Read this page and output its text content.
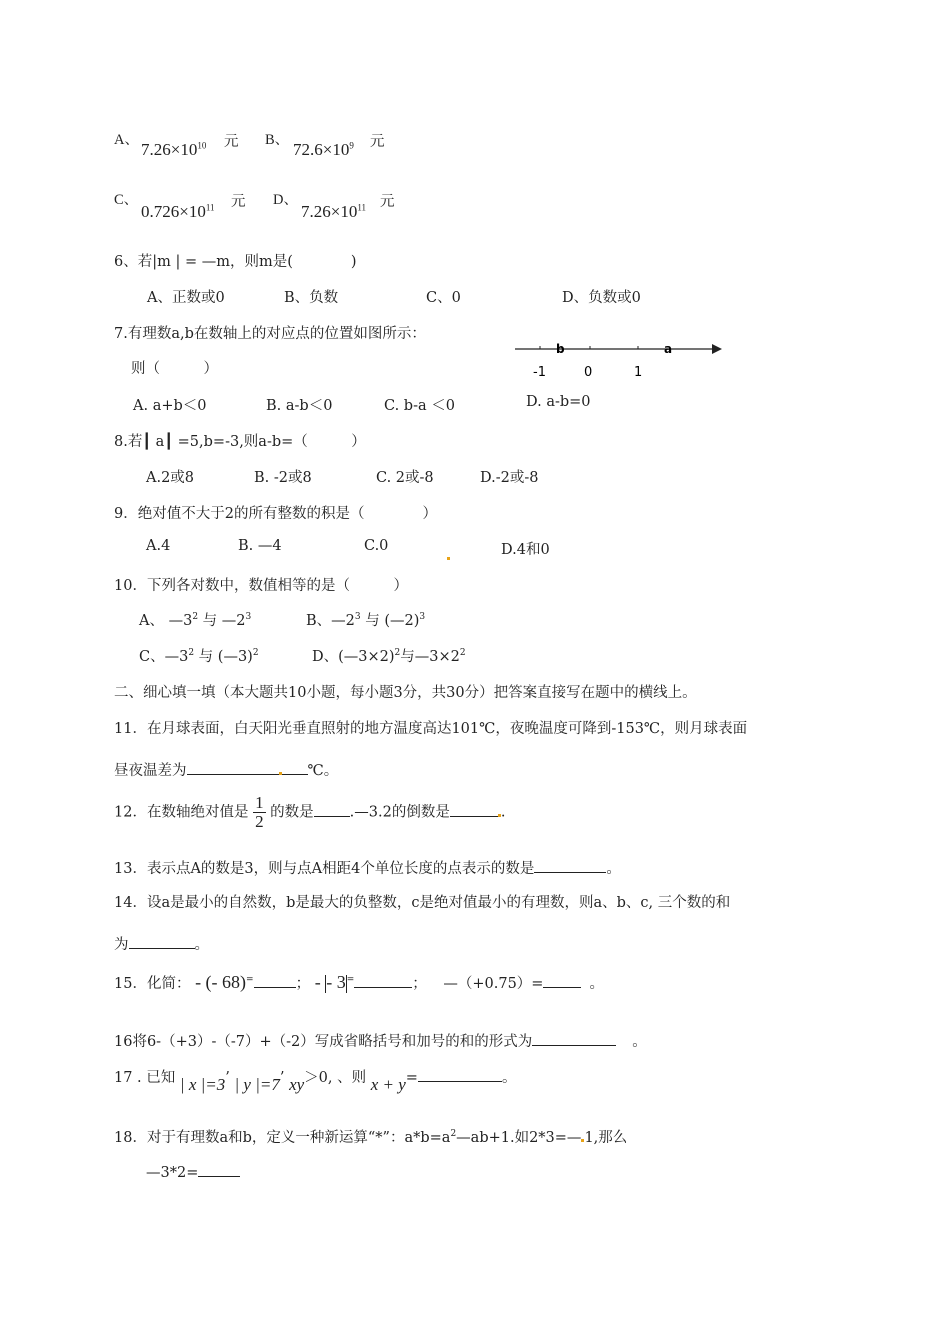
A、 $7.26\times 10^{10}$ 元 B、 $72.6\times 10^9$ 元
C、
$0.726\times 10^{11}$ 元 D、
$7.26\times 10^{11}$ 元
6、若|m | = —m，则m是(　　　　)
A、正数或0	B、负数	C、0	D、负数或0
7.有理数a,b在数轴上的对应点的位置如图所示：
则（　　　）
b	a
-1	0	1
A. a+b＜0	B. a-b＜0	C. b-a ＜0	D. a-b=0
8.若┃ a┃ =5,b=-3,则a-b=（　　　）
A.2或8	B. -2或8	C. 2或-8	D.-2或-8
9．绝对值不大于2的所有整数的积是（　　　　）
A.4	B. —4	C.0	D.4和0
10．下列各对数中，数值相等的是（　　　）
A、 $—3^2$ 与 $—2^3$	B、$—2^3$ 与 (—2)$^3$
C、$—3^2$ 与 (—3)$^2$	D、(—3×2)$^2$与$—3\times 2^2$
二、细心填一填（本大题共10小题，每小题3分，共30分）把答案直接写在题中的横线上。
11．在月球表面，白天阳光垂直照射的地方温度高达101℃，夜晚温度可降到-153℃，则月球表面
昼夜温差为	℃。
12．在数轴绝对值是 $\frac{1}{2}$ 的数是 .—3.2的倒数是	.
13．表示点A的数是3，则与点A相距4个单位长度的点表示的数是	。
14．设a是最小的自然数，b是最大的负整数，c是绝对值最小的有理数，则a、b、c, 三个数的和
为	。
15．化简： - (- 68)=	； - - 3=	； —（+0.75）=	。
16将6-（+3）-（-7）+（-2）写成省略括号和加号的和的形式为	。
17 . 已知 | x |=3’ | y |=7’ xy＞0, 、则 x + y=	。
18．对于有理数a和b，定义一种新运算“*”：$a*b=a^2—ab+1$.如2*3=— 1,那么
—3*2=
